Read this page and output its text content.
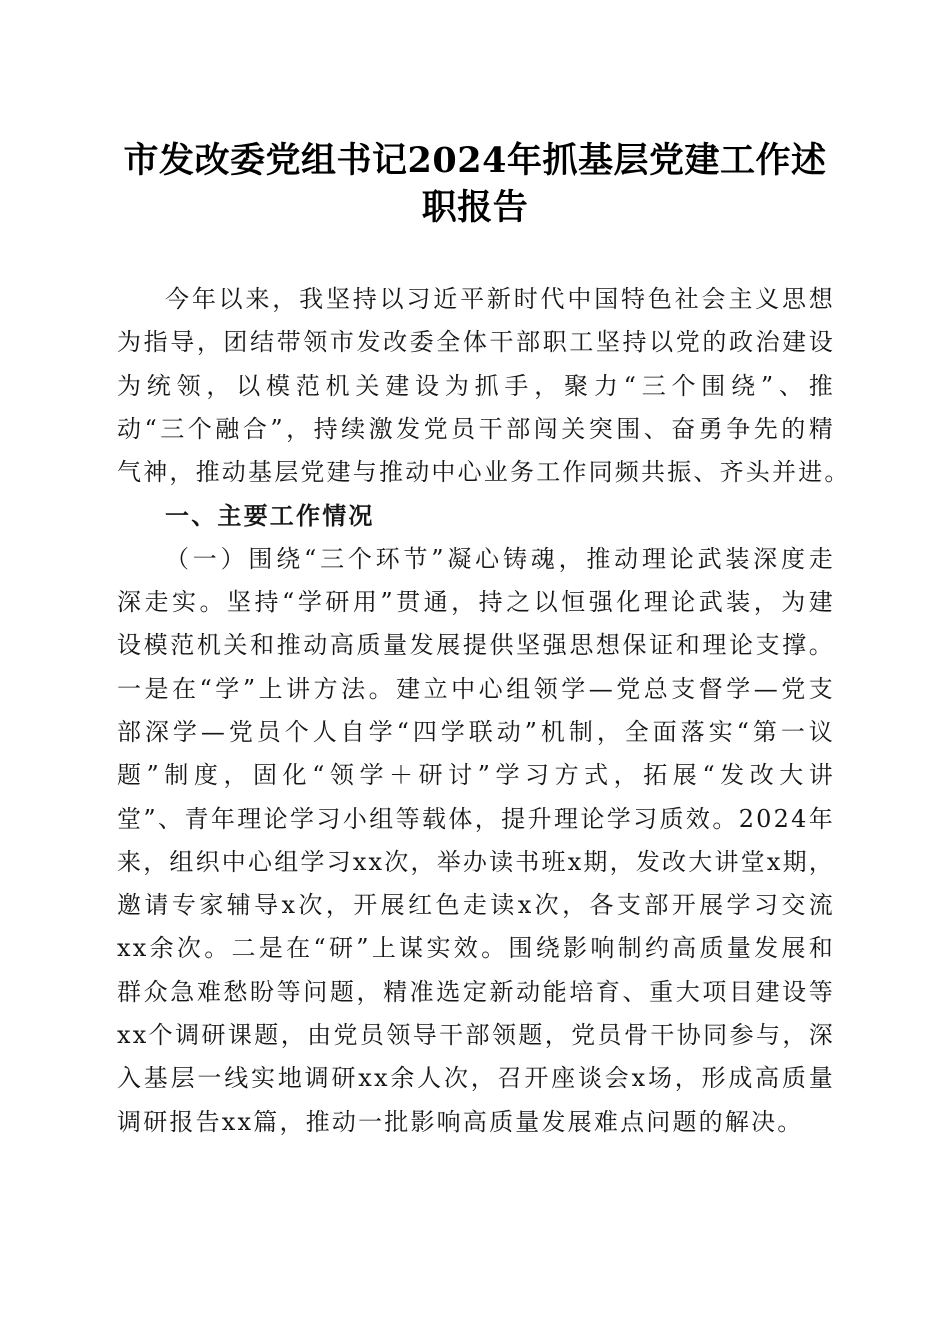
市发改委党组书记2024年抓基层党建工作述
职报告
今年以来，我坚持以习近平新时代中国特色社会主义思想
为指导，团结带领市发改委全体干部职工坚持以党的政治建设
为统领，以模范机关建设为抓手，聚力“三个围绕”、推
动“三个融合”，持续激发党员干部闯关突围、奋勇争先的精
气神，推动基层党建与推动中心业务工作同频共振、齐头并进。
一、主要工作情况
（一）围绕“三个环节”凝心铸魂，推动理论武装深度走
深走实。坚持“学研用”贯通，持之以恒强化理论武装，为建
设模范机关和推动高质量发展提供坚强思想保证和理论支撑。
一是在“学”上讲方法。建立中心组领学—党总支督学—党支
部深学—党员个人自学“四学联动”机制，全面落实“第一议
题”制度，固化“领学＋研讨”学习方式，拓展“发改大讲
堂”、青年理论学习小组等载体，提升理论学习质效。2024年
来，组织中心组学习xx次，举办读书班x期，发改大讲堂x期，
邀请专家辅导x次，开展红色走读x次，各支部开展学习交流
xx余次。二是在“研”上谋实效。围绕影响制约高质量发展和
群众急难愁盼等问题，精准选定新动能培育、重大项目建设等
xx个调研课题，由党员领导干部领题，党员骨干协同参与，深
入基层一线实地调研xx余人次，召开座谈会x场，形成高质量
调研报告xx篇，推动一批影响高质量发展难点问题的解决。
